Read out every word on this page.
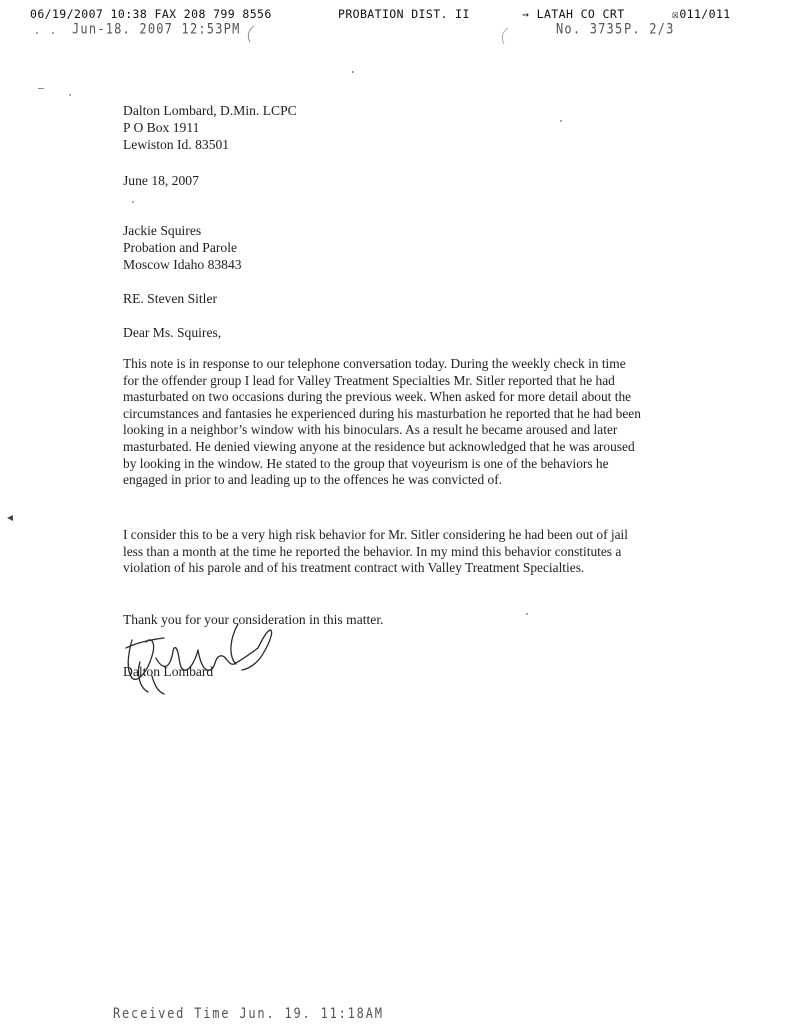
06/19/2007 10:38 FAX 208 799 8556	PROBATION DIST. II	→ LATAH CO CRT	☒011/011
Jun-18. 2007 12:53PM	No. 3735 P. 2/3
Dalton Lombard, D.Min. LCPC
P O Box 1911
Lewiston Id. 83501
June 18, 2007
Jackie Squires
Probation and Parole
Moscow Idaho 83843
RE. Steven Sitler
Dear Ms. Squires,

This note is in response to our telephone conversation today. During the weekly check in time for the offender group I lead for Valley Treatment Specialties Mr. Sitler reported that he had masturbated on two occasions during the previous week. When asked for more detail about the circumstances and fantasies he experienced during his masturbation he reported that he had been looking in a neighbor’s window with his binoculars. As a result he became aroused and later masturbated. He denied viewing anyone at the residence but acknowledged that he was aroused by looking in the window. He stated to the group that voyeurism is one of the behaviors he engaged in prior to and leading up to the offences he was convicted of.

I consider this to be a very high risk behavior for Mr. Sitler considering he had been out of jail less than a month at the time he reported the behavior. In my mind this behavior constitutes a violation of his parole and of his treatment contract with Valley Treatment Specialties.

Thank you for your consideration in this matter.
Dalton Lombard
Received Time Jun. 19. 11:18AM
